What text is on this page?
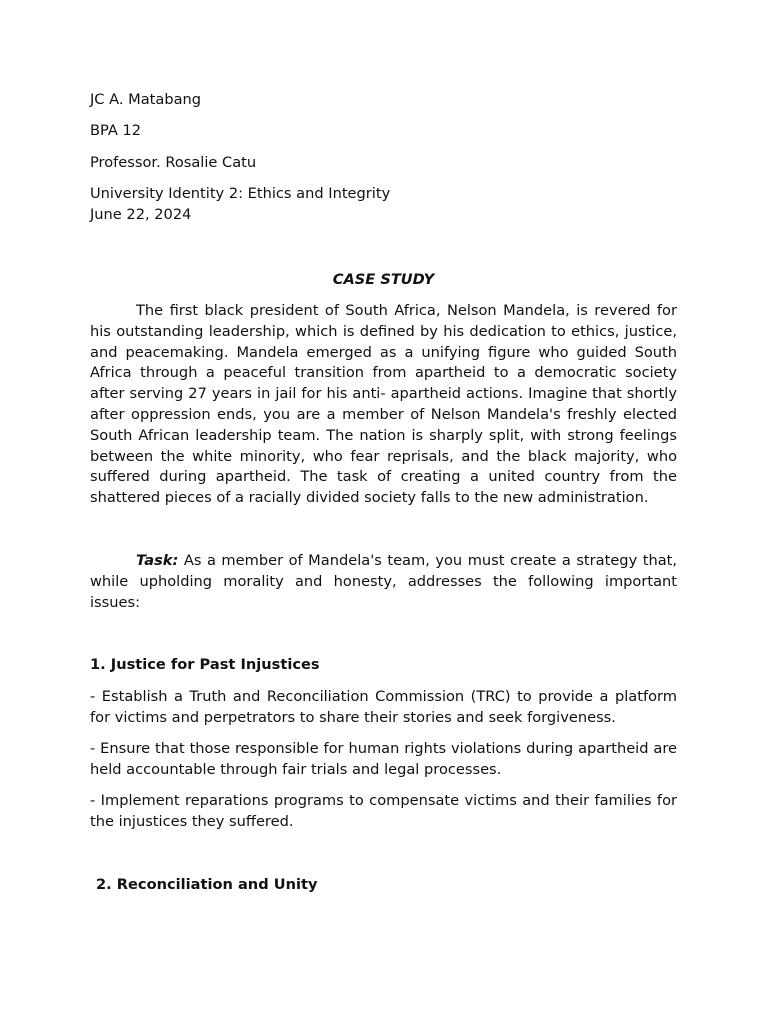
JC A. Matabang

BPA 12

Professor. Rosalie Catu

University Identity 2: Ethics and Integrity

June 22, 2024

CASE STUDY

The first black president of South Africa, Nelson Mandela, is revered for his outstanding leadership, which is defined by his dedication to ethics, justice, and peacemaking. Mandela emerged as a unifying figure who guided South Africa through a peaceful transition from apartheid to a democratic society after serving 27 years in jail for his anti- apartheid actions. Imagine that shortly after oppression ends, you are a member of Nelson Mandela's freshly elected South African leadership team. The nation is sharply split, with strong feelings between the white minority, who fear reprisals, and the black majority, who suffered during apartheid. The task of creating a united country from the shattered pieces of a racially divided society falls to the new administration.

Task: As a member of Mandela's team, you must create a strategy that, while upholding morality and honesty, addresses the following important issues:

1. Justice for Past Injustices

- Establish a Truth and Reconciliation Commission (TRC) to provide a platform for victims and perpetrators to share their stories and seek forgiveness.

- Ensure that those responsible for human rights violations during apartheid are held accountable through fair trials and legal processes.

- Implement reparations programs to compensate victims and their families for the injustices they suffered.

2. Reconciliation and Unity
